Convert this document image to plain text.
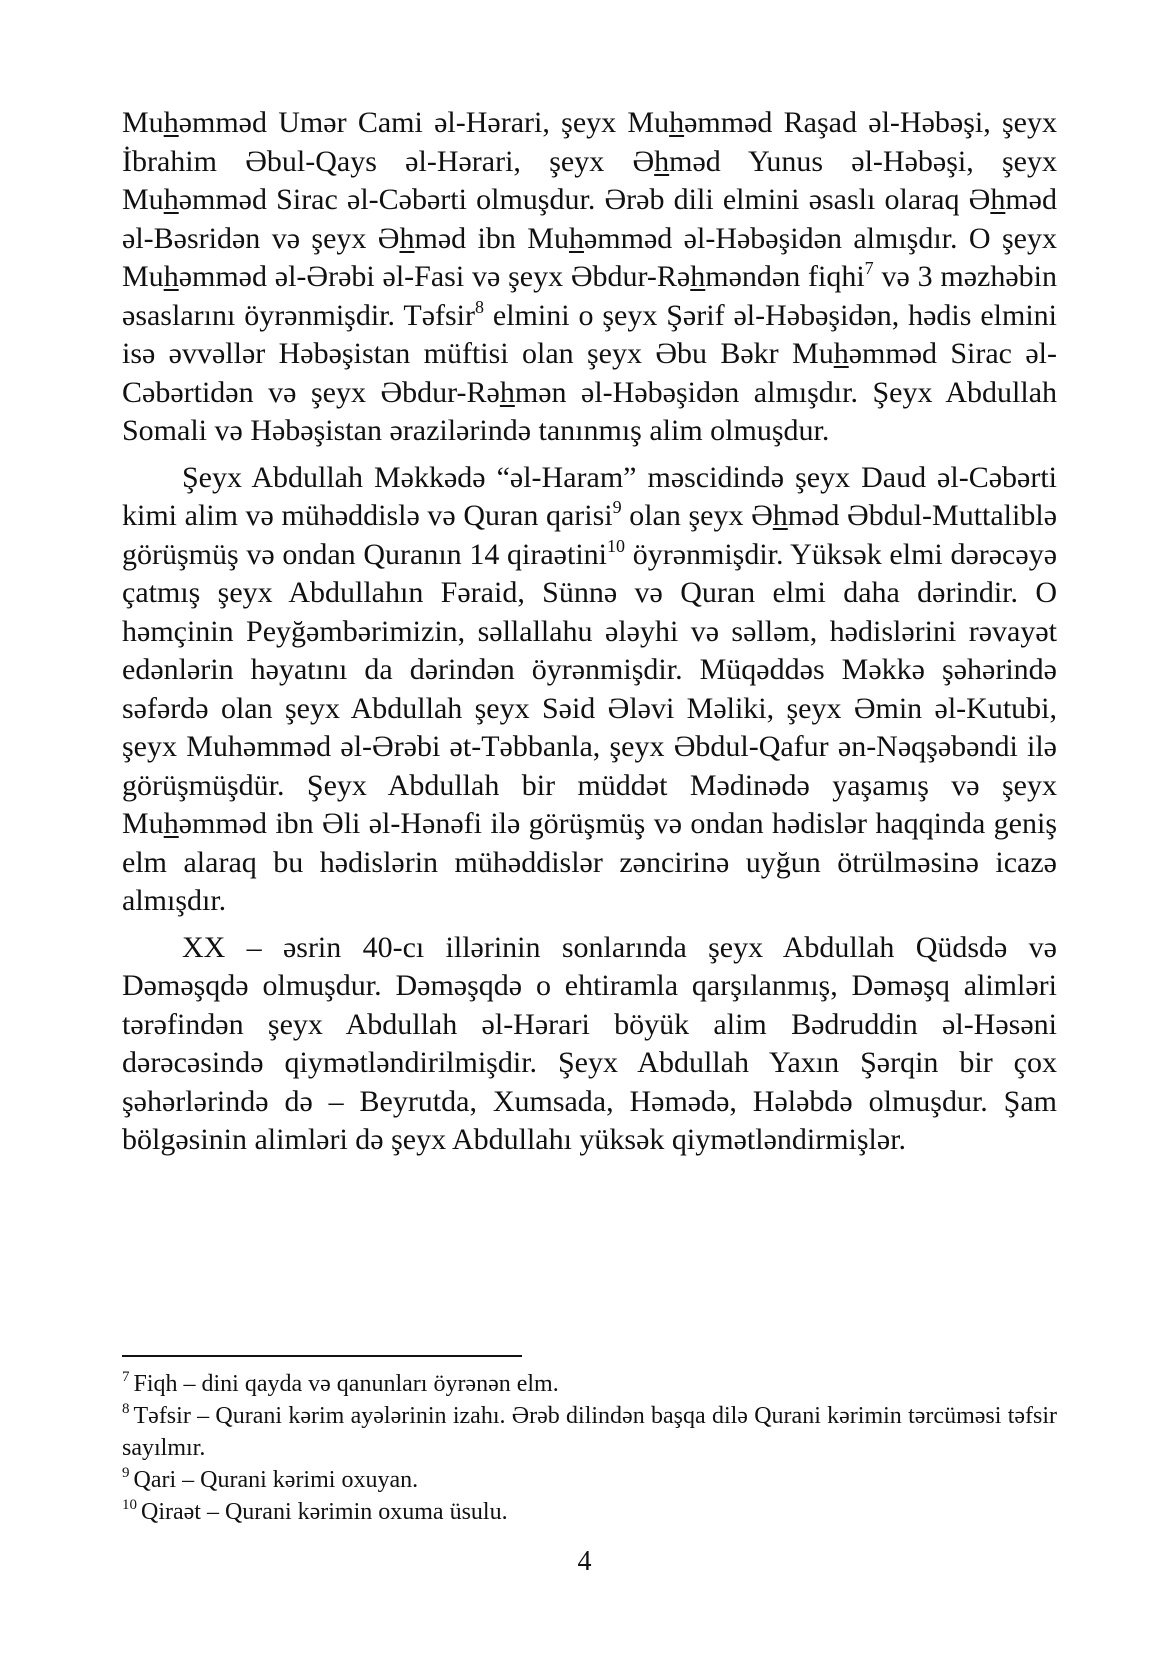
Muhəmməd Umər Cami əl-Hərari, şeyx Muhəmməd Raşad əl-Həbəşi, şeyx İbrahim Əbul-Qays əl-Hərari, şeyx Əhməd Yunus əl-Həbəşi, şeyx Muhəmməd Sirac əl-Cəbərti olmuşdur. Ərəb dili elmini əsaslı olaraq Əhməd əl-Bəsridən və şeyx Əhməd ibn Muhəmməd əl-Həbəşidən almışdır. O şeyx Muhəmməd əl-Ərəbi əl-Fasi və şeyx Əbdur-Rəhməndən fiqhi$^7$ və 3 məzhəbin əsaslarını öyrənmişdir. Təfsir$^8$ elmini o şeyx Şərif əl-Həbəşidən, hədis elmini isə əvvəllər Həbəşistan müftisi olan şeyx Əbu Bəkr Muhəmməd Sirac əl-Cəbərtidən və şeyx Əbdur-Rəhmən əl-Həbəşidən almışdır. Şeyx Abdullah Somali və Həbəşistan ərazilərində tanınmış alim olmuşdur.

Şeyx Abdullah Məkkədə “əl-Haram” məscidində şeyx Daud əl-Cəbərti kimi alim və mühəddislə və Quran qarisi$^9$ olan şeyx Əhməd Əbdul-Muttaliblə görüşmüş və ondan Quranın 14 qiraətini$^{10}$ öyrənmişdir. Yüksək elmi dərəcəyə çatmış şeyx Abdullahın Fəraid, Sünnə və Quran elmi daha dərindir. O həmçinin Peyğəmbərimizin, səllallahu ələyhi və səlləm, hədislərini rəvayət edənlərin həyatını da dərindən öyrənmişdir. Müqəddəs Məkkə şəhərində səfərdə olan şeyx Abdullah şeyx Səid Ələvi Məliki, şeyx Əmin əl-Kutubi, şeyx Muhəmməd əl-Ərəbi ət-Təbbanla, şeyx Əbdul-Qafur ən-Nəqşəbəndi ilə görüşmüşdür. Şeyx Abdullah bir müddət Mədinədə yaşamış və şeyx Muhəmməd ibn Əli əl-Hənəfi ilə görüşmüş və ondan hədislər haqqinda geniş elm alaraq bu hədislərin mühəddislər zəncirinə uyğun ötrülməsinə icazə almışdır.

XX – əsrin 40-cı illərinin sonlarında şeyx Abdullah Qüdsdə və Dəməşqdə olmuşdur. Dəməşqdə o ehtiramla qarşılanmış, Dəməşq alimləri tərəfindən şeyx Abdullah əl-Hərari böyük alim Bədruddin əl-Həsəni dərəcəsində qiymətləndirilmişdir. Şeyx Abdullah Yaxın Şərqin bir çox şəhərlərində də – Beyrutda, Xumsada, Həmədə, Hələbdə olmuşdur. Şam bölgəsinin alimləri də şeyx Abdullahı yüksək qiymətləndirmişlər.

$^7$ Fiqh – dini qayda və qanunları öyrənən elm.

$^8$ Təfsir – Qurani kərim ayələrinin izahı. Ərəb dilindən başqa dilə Qurani kərimin tərcüməsi təfsir sayılmır.

$^9$ Qari – Qurani kərimi oxuyan.

$^{10}$ Qiraət – Qurani kərimin oxuma üsulu.

4
